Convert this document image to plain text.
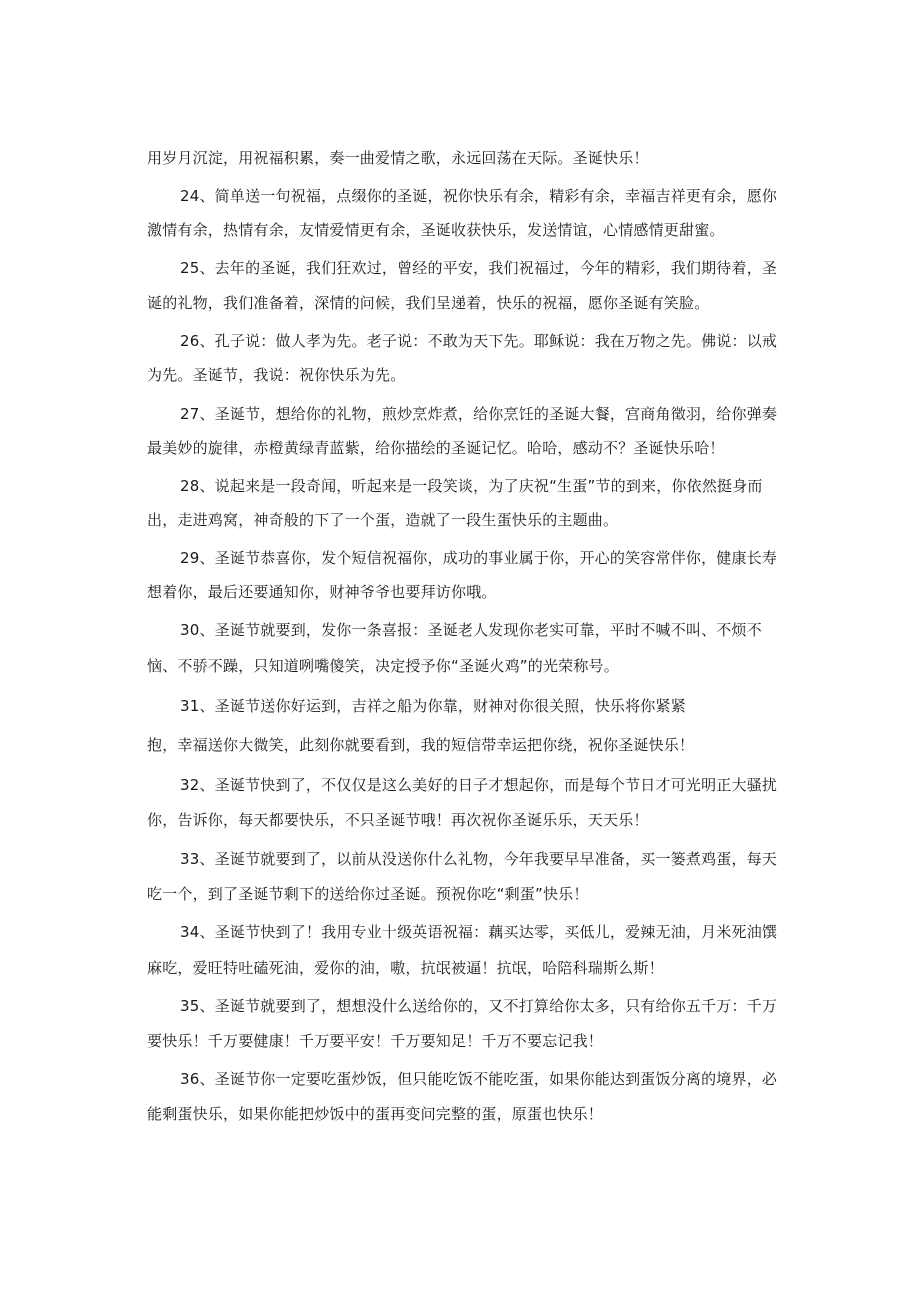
用岁月沉淀，用祝福积累，奏一曲爱情之歌，永远回荡在天际。圣诞快乐！
24、简单送一句祝福，点缀你的圣诞，祝你快乐有余，精彩有余，幸福吉祥更有余，愿你
激情有余，热情有余，友情爱情更有余，圣诞收获快乐，发送情谊，心情感情更甜蜜。
25、去年的圣诞，我们狂欢过，曾经的平安，我们祝福过，今年的精彩，我们期待着，圣
诞的礼物，我们准备着，深情的问候，我们呈递着，快乐的祝福，愿你圣诞有笑脸。
26、孔子说：做人孝为先。老子说：不敢为天下先。耶稣说：我在万物之先。佛说：以戒
为先。圣诞节，我说：祝你快乐为先。
27、圣诞节，想给你的礼物，煎炒烹炸煮，给你烹饪的圣诞大餐，宫商角徵羽，给你弹奏
最美妙的旋律，赤橙黄绿青蓝紫，给你描绘的圣诞记忆。哈哈，感动不？圣诞快乐哈！
28、说起来是一段奇闻，听起来是一段笑谈，为了庆祝“生蛋”节的到来，你依然挺身而
出，走进鸡窝，神奇般的下了一个蛋，造就了一段生蛋快乐的主题曲。
29、圣诞节恭喜你，发个短信祝福你，成功的事业属于你，开心的笑容常伴你，健康长寿
想着你，最后还要通知你，财神爷爷也要拜访你哦。
30、圣诞节就要到，发你一条喜报：圣诞老人发现你老实可靠，平时不喊不叫、不烦不
恼、不骄不躁，只知道咧嘴傻笑，决定授予你“圣诞火鸡”的光荣称号。
31、圣诞节送你好运到，吉祥之船为你靠，财神对你很关照，快乐将你紧紧
抱，幸福送你大微笑，此刻你就要看到，我的短信带幸运把你绕，祝你圣诞快乐！
32、圣诞节快到了，不仅仅是这么美好的日子才想起你，而是每个节日才可光明正大骚扰
你，告诉你，每天都要快乐，不只圣诞节哦！再次祝你圣诞乐乐，天天乐！
33、圣诞节就要到了，以前从没送你什么礼物，今年我要早早准备，买一篓煮鸡蛋，每天
吃一个，到了圣诞节剩下的送给你过圣诞。预祝你吃“剩蛋”快乐！
34、圣诞节快到了！我用专业十级英语祝福：藕买达零，买低儿，爱辣无油，月米死油馔
麻吃，爱旺特吐磕死油，爱你的油，嗷，抗氓被逼！抗氓，哈陪科瑞斯么斯！
35、圣诞节就要到了，想想没什么送给你的，又不打算给你太多，只有给你五千万：千万
要快乐！千万要健康！千万要平安！千万要知足！千万不要忘记我！
36、圣诞节你一定要吃蛋炒饭，但只能吃饭不能吃蛋，如果你能达到蛋饭分离的境界，必
能剩蛋快乐，如果你能把炒饭中的蛋再变问完整的蛋，原蛋也快乐！
